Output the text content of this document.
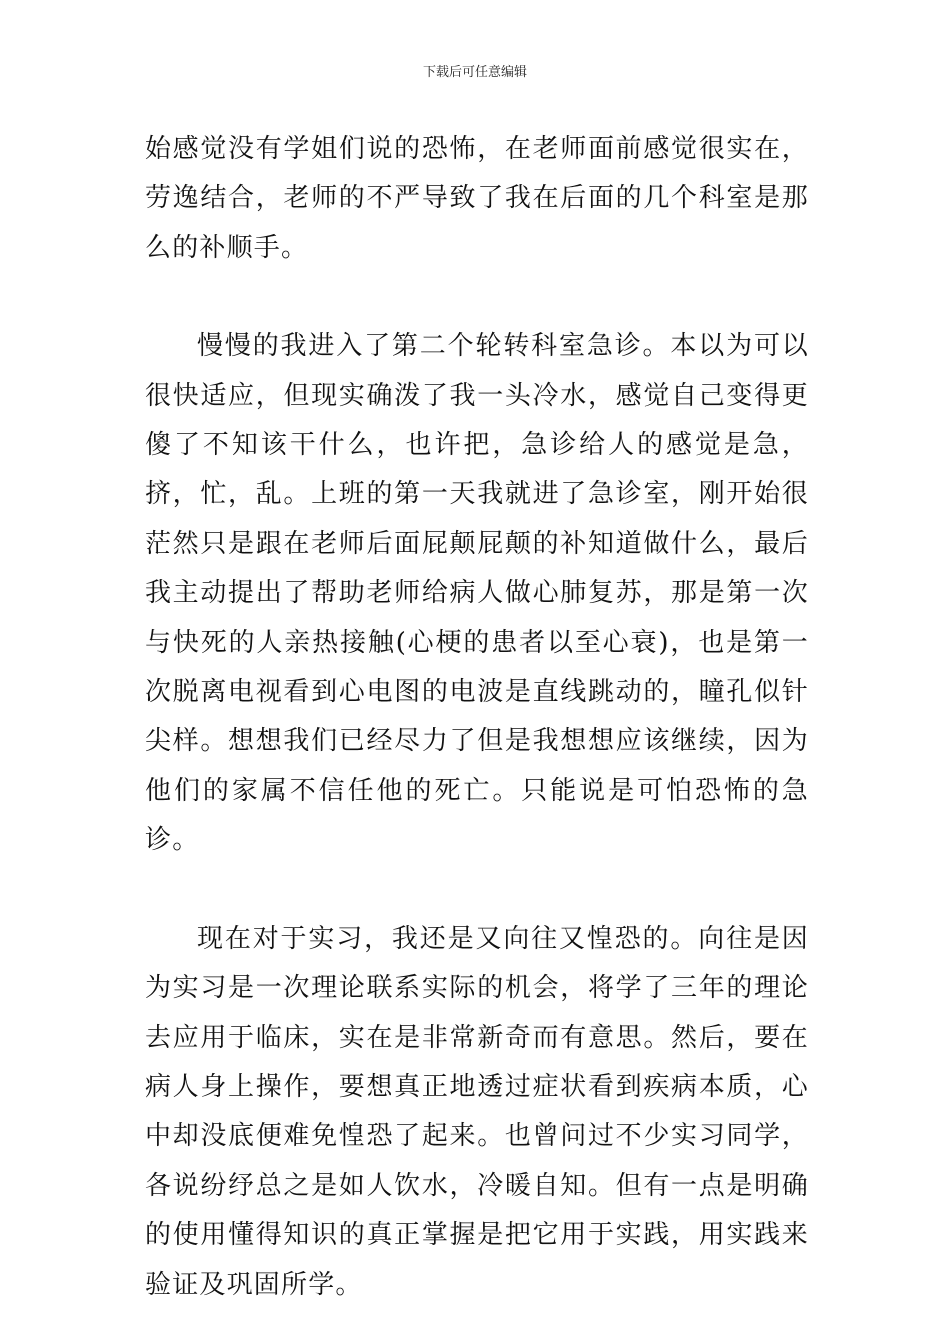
下载后可任意编辑

始感觉没有学姐们说的恐怖，在老师面前感觉很实在，劳逸结合，老师的不严导致了我在后面的几个科室是那么的补顺手。

慢慢的我进入了第二个轮转科室急诊。本以为可以很快适应，但现实确泼了我一头冷水，感觉自己变得更傻了不知该干什么，也许把，急诊给人的感觉是急，挤，忙，乱。上班的第一天我就进了急诊室，刚开始很茫然只是跟在老师后面屁颠屁颠的补知道做什么，最后我主动提出了帮助老师给病人做心肺复苏，那是第一次与快死的人亲热接触(心梗的患者以至心衰)，也是第一次脱离电视看到心电图的电波是直线跳动的，瞳孔似针尖样。想想我们已经尽力了但是我想想应该继续，因为他们的家属不信任他的死亡。只能说是可怕恐怖的急诊。

现在对于实习，我还是又向往又惶恐的。向往是因为实习是一次理论联系实际的机会，将学了三年的理论去应用于临床，实在是非常新奇而有意思。然后，要在病人身上操作，要想真正地透过症状看到疾病本质，心中却没底便难免惶恐了起来。也曾问过不少实习同学，各说纷纾总之是如人饮水，冷暖自知。但有一点是明确的使用懂得知识的真正掌握是把它用于实践，用实践来验证及巩固所学。
